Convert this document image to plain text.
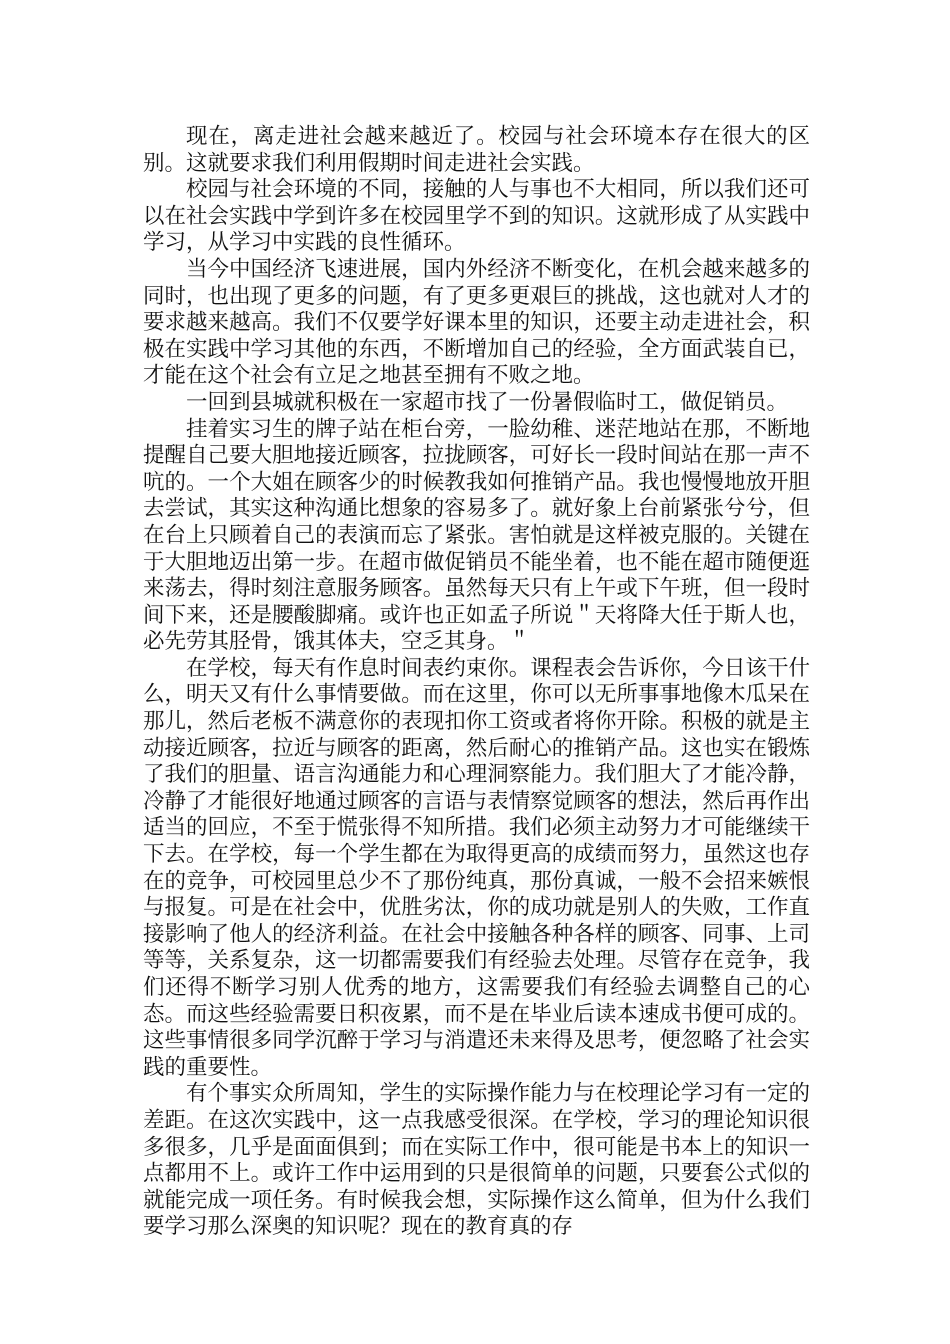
现在，离走进社会越来越近了。校园与社会环境本存在很大的区别。这就要求我们利用假期时间走进社会实践。

校园与社会环境的不同，接触的人与事也不大相同，所以我们还可以在社会实践中学到许多在校园里学不到的知识。这就形成了从实践中学习，从学习中实践的良性循环。

当今中国经济飞速进展，国内外经济不断变化，在机会越来越多的同时，也出现了更多的问题，有了更多更艰巨的挑战，这也就对人才的要求越来越高。我们不仅要学好课本里的知识，还要主动走进社会，积极在实践中学习其他的东西，不断增加自己的经验，全方面武装自已，才能在这个社会有立足之地甚至拥有不败之地。

一回到县城就积极在一家超市找了一份暑假临时工，做促销员。

挂着实习生的牌子站在柜台旁，一脸幼稚、迷茫地站在那，不断地提醒自己要大胆地接近顾客，拉拢顾客，可好长一段时间站在那一声不吭的。一个大姐在顾客少的时候教我如何推销产品。我也慢慢地放开胆去尝试，其实这种沟通比想象的容易多了。就好象上台前紧张兮兮，但在台上只顾着自己的表演而忘了紧张。害怕就是这样被克服的。关键在于大胆地迈出第一步。在超市做促销员不能坐着，也不能在超市随便逛来荡去，得时刻注意服务顾客。虽然每天只有上午或下午班，但一段时间下来，还是腰酸脚痛。或许也正如孟子所说＂天将降大任于斯人也，必先劳其胫骨，饿其体夫，空乏其身。＂

在学校，每天有作息时间表约束你。课程表会告诉你，今日该干什么，明天又有什么事情要做。而在这里，你可以无所事事地像木瓜呆在那儿，然后老板不满意你的表现扣你工资或者将你开除。积极的就是主动接近顾客，拉近与顾客的距离，然后耐心的推销产品。这也实在锻炼了我们的胆量、语言沟通能力和心理洞察能力。我们胆大了才能冷静，冷静了才能很好地通过顾客的言语与表情察觉顾客的想法，然后再作出适当的回应，不至于慌张得不知所措。我们必须主动努力才可能继续干下去。在学校，每一个学生都在为取得更高的成绩而努力，虽然这也存在的竞争，可校园里总少不了那份纯真，那份真诚，一般不会招来嫉恨与报复。可是在社会中，优胜劣汰，你的成功就是别人的失败，工作直接影响了他人的经济利益。在社会中接触各种各样的顾客、同事、上司等等，关系复杂，这一切都需要我们有经验去处理。尽管存在竞争，我们还得不断学习别人优秀的地方，这需要我们有经验去调整自己的心态。而这些经验需要日积夜累，而不是在毕业后读本速成书便可成的。这些事情很多同学沉醉于学习与消遣还未来得及思考，便忽略了社会实践的重要性。

有个事实众所周知，学生的实际操作能力与在校理论学习有一定的差距。在这次实践中，这一点我感受很深。在学校，学习的理论知识很多很多，几乎是面面俱到；而在实际工作中，很可能是书本上的知识一点都用不上。或许工作中运用到的只是很简单的问题，只要套公式似的就能完成一项任务。有时候我会想，实际操作这么简单，但为什么我们要学习那么深奥的知识呢？现在的教育真的存
